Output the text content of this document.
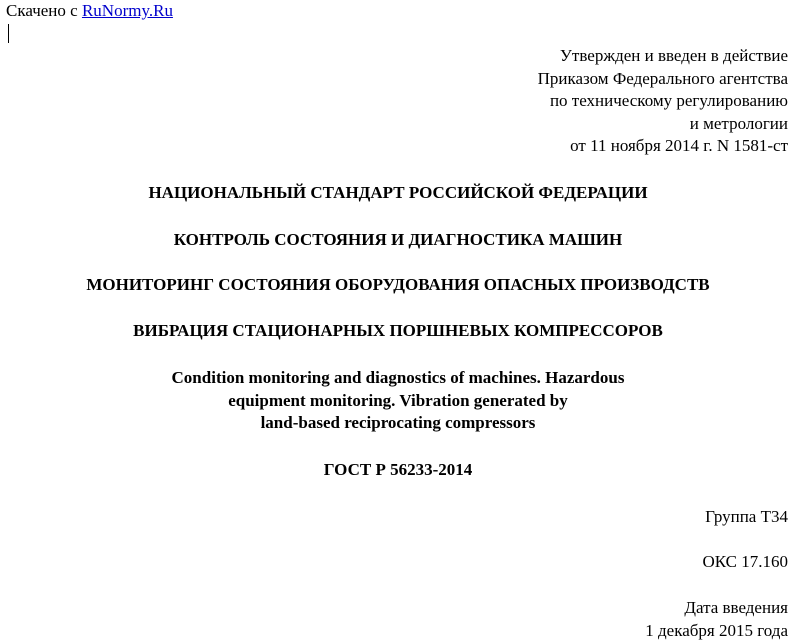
Скачено с RuNormy.Ru
Утвержден и введен в действие
Приказом Федерального агентства
по техническому регулированию
и метрологии
от 11 ноября 2014 г. N 1581-ст
НАЦИОНАЛЬНЫЙ СТАНДАРТ РОССИЙСКОЙ ФЕДЕРАЦИИ
КОНТРОЛЬ СОСТОЯНИЯ И ДИАГНОСТИКА МАШИН
МОНИТОРИНГ СОСТОЯНИЯ ОБОРУДОВАНИЯ ОПАСНЫХ ПРОИЗВОДСТВ
ВИБРАЦИЯ СТАЦИОНАРНЫХ ПОРШНЕВЫХ КОМПРЕССОРОВ
Condition monitoring and diagnostics of machines. Hazardous
equipment monitoring. Vibration generated by
land-based reciprocating compressors
ГОСТ Р 56233-2014
Группа Т34
ОКС 17.160
Дата введения
1 декабря 2015 года
